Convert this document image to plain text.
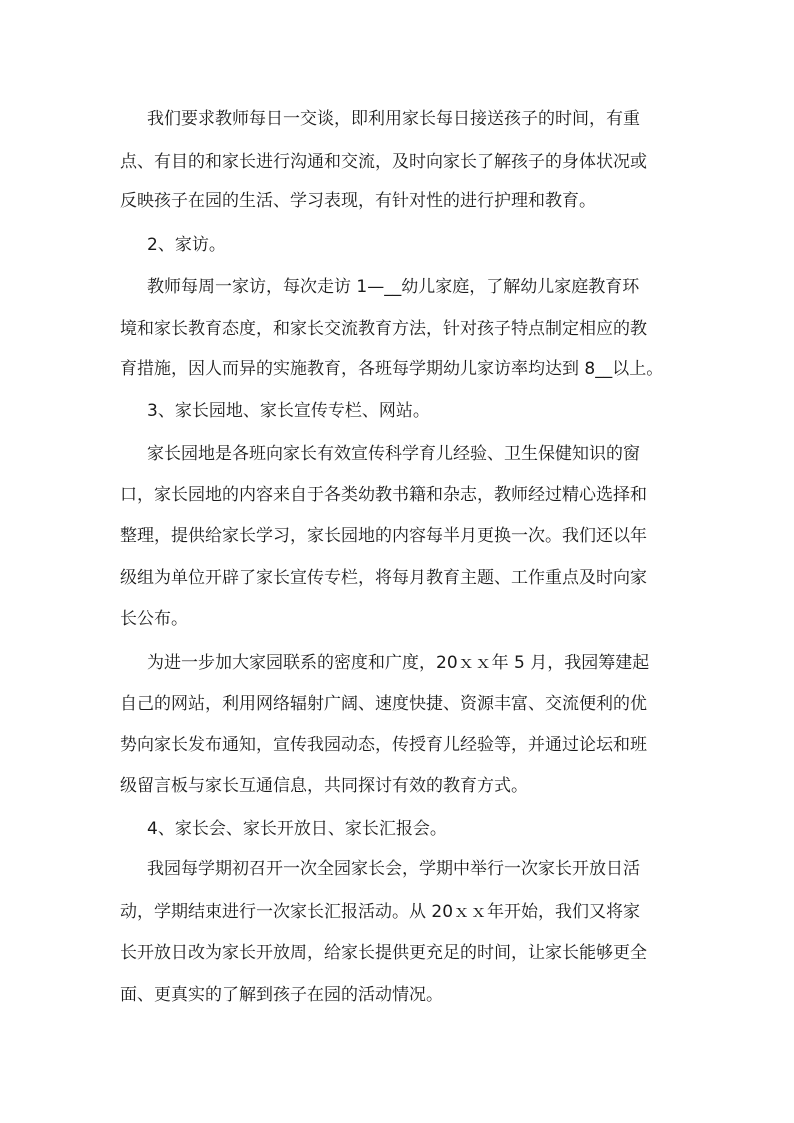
我们要求教师每日一交谈，即利用家长每日接送孩子的时间，有重
点、有目的和家长进行沟通和交流，及时向家长了解孩子的身体状况或
反映孩子在园的生活、学习表现，有针对性的进行护理和教育。
2、家访。
教师每周一家访，每次走访 1—__幼儿家庭，了解幼儿家庭教育环
境和家长教育态度，和家长交流教育方法，针对孩子特点制定相应的教
育措施，因人而异的实施教育，各班每学期幼儿家访率均达到 8__以上。
3、家长园地、家长宣传专栏、网站。
家长园地是各班向家长有效宣传科学育儿经验、卫生保健知识的窗
口，家长园地的内容来自于各类幼教书籍和杂志，教师经过精心选择和
整理，提供给家长学习，家长园地的内容每半月更换一次。我们还以年
级组为单位开辟了家长宣传专栏，将每月教育主题、工作重点及时向家
长公布。
为进一步加大家园联系的密度和广度，20ｘｘ年 5 月，我园筹建起
自己的网站，利用网络辐射广阔、速度快捷、资源丰富、交流便利的优
势向家长发布通知，宣传我园动态，传授育儿经验等，并通过论坛和班
级留言板与家长互通信息，共同探讨有效的教育方式。
4、家长会、家长开放日、家长汇报会。
我园每学期初召开一次全园家长会，学期中举行一次家长开放日活
动，学期结束进行一次家长汇报活动。从 20ｘｘ年开始，我们又将家
长开放日改为家长开放周，给家长提供更充足的时间，让家长能够更全
面、更真实的了解到孩子在园的活动情况。
